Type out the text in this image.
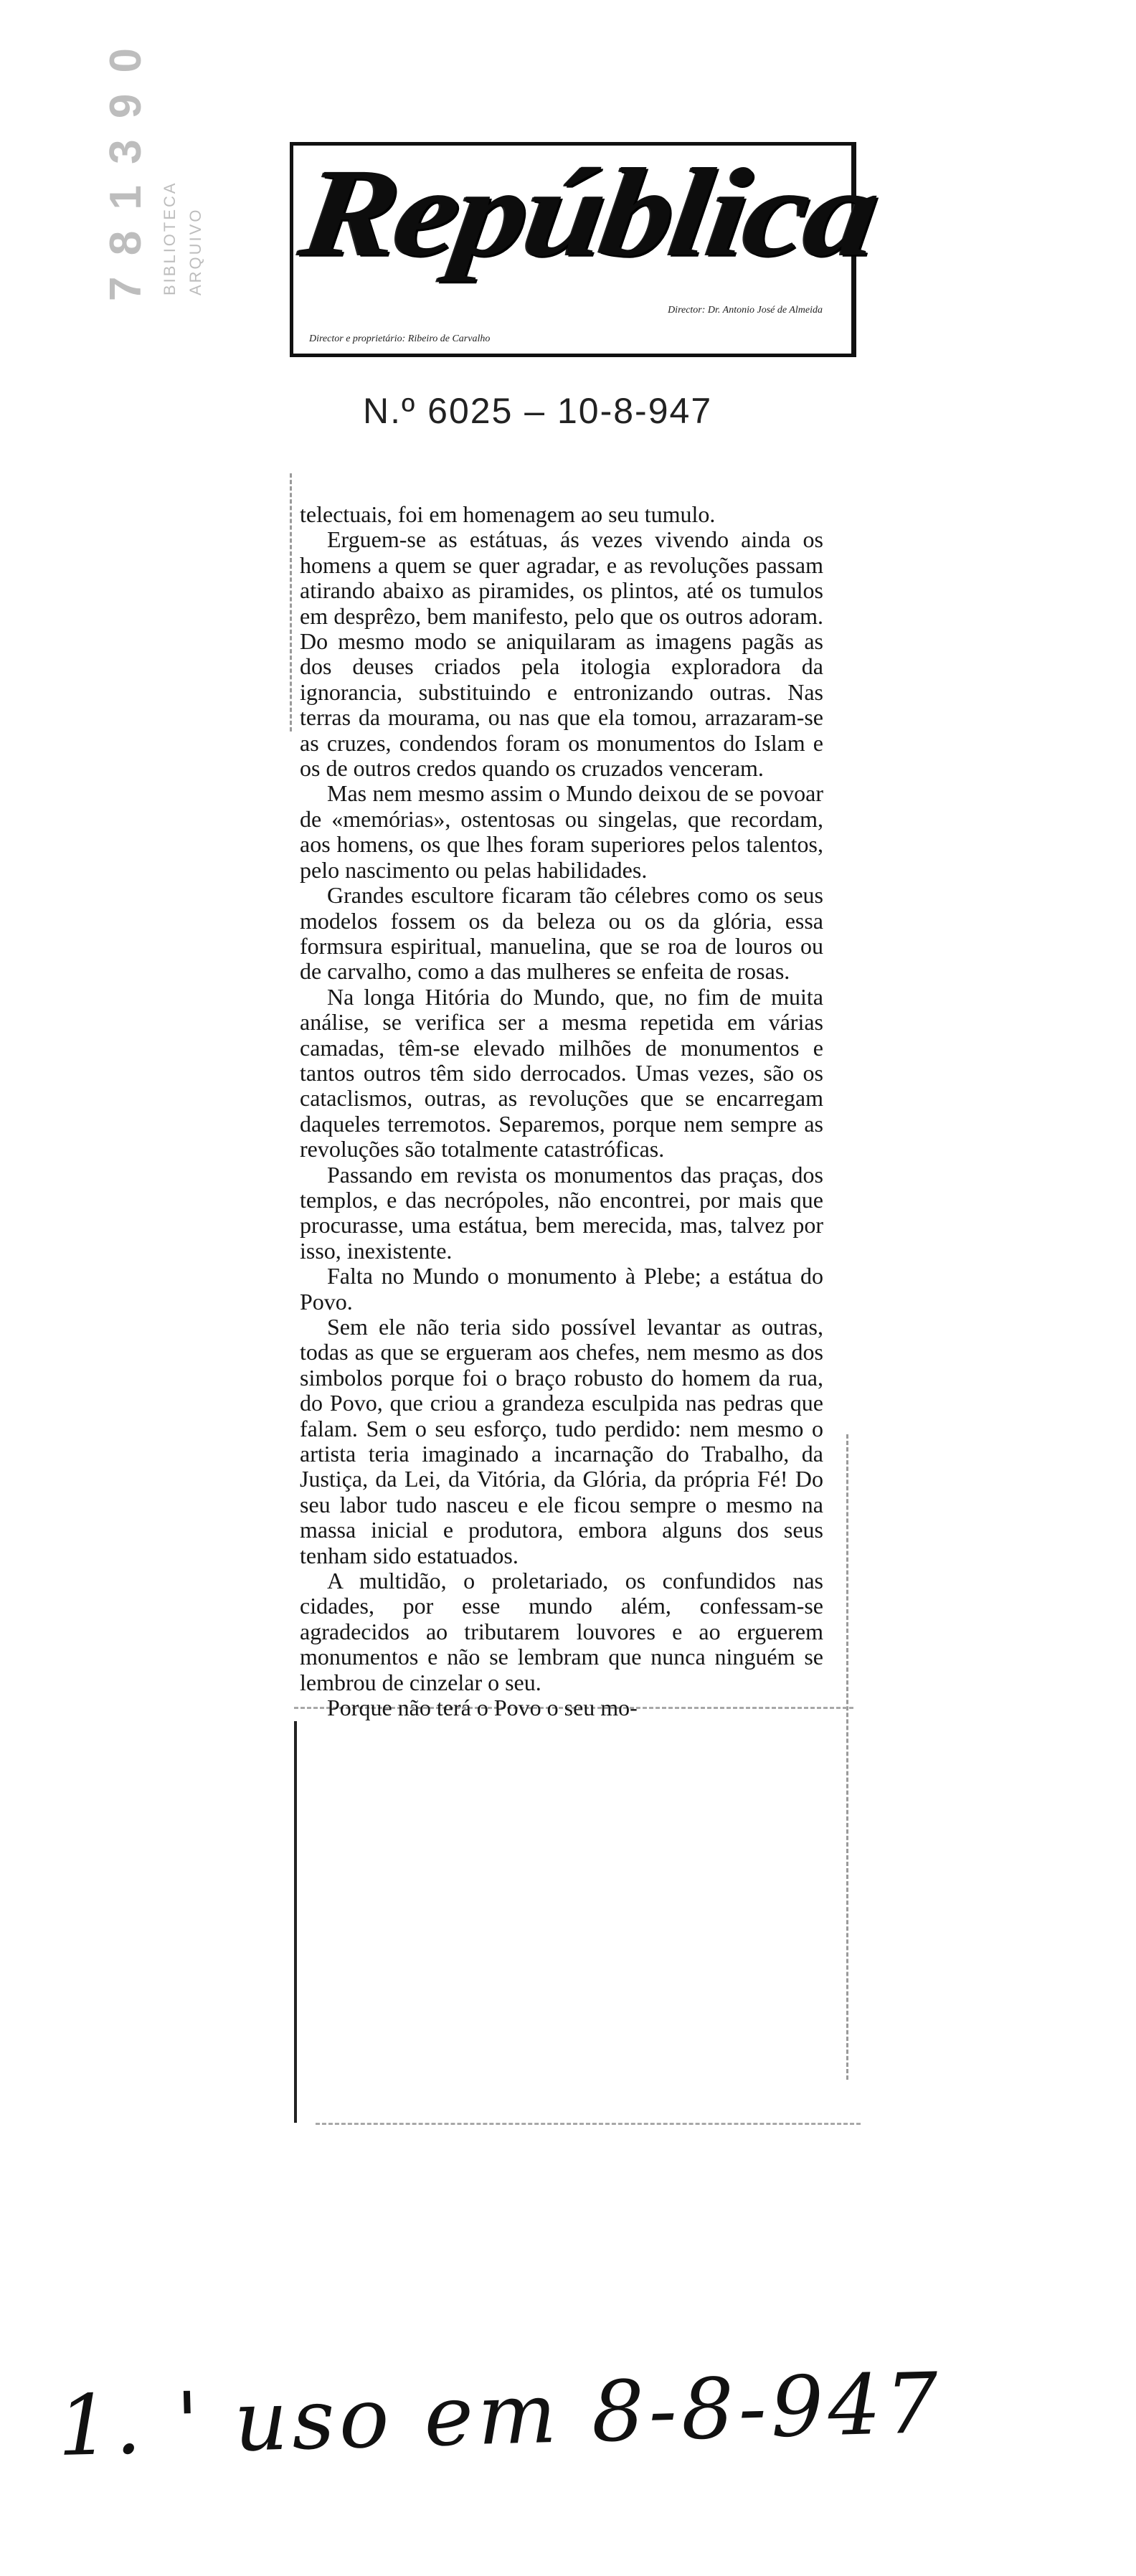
7 8 1 3 9 0 BIBLIOTECA ARQUIVO República
Director: Dr. Antonio José de Almeida
Director e proprietário: Ribeiro de Carvalho
N.º 6025 – 10-8-947

telectuais, foi em homenagem ao seu tumulo.

Erguem-se as estátuas, ás vezes vivendo ainda os homens a quem se quer agradar, e as revoluções passam atirando abaixo as piramides, os plintos, até os tumulos em desprêzo, bem manifesto, pelo que os outros adoram. Do mesmo modo se aniquilaram as imagens pagãs as dos deuses criados pela itologia exploradora da ignorancia, substituindo e entronizando outras. Nas terras da mourama, ou nas que ela tomou, arrazaram-se as cruzes, condendos foram os monumentos do Islam e os de outros credos quando os cruzados venceram.

Mas nem mesmo assim o Mundo deixou de se povoar de «memórias», ostentosas ou singelas, que recordam, aos homens, os que lhes foram superiores pelos talentos, pelo nascimento ou pelas habilidades.

Grandes escultore ficaram tão célebres como os seus modelos fossem os da beleza ou os da glória, essa formsura espiritual, manuelina, que se roa de louros ou de carvalho, como a das mulheres se enfeita de rosas.

Na longa Hitória do Mundo, que, no fim de muita análise, se verifica ser a mesma repetida em várias camadas, têm-se elevado milhões de monumentos e tantos outros têm sido derrocados. Umas vezes, são os cataclismos, outras, as revoluções que se encarregam daqueles terremotos. Separemos, porque nem sempre as revoluções são totalmente catastróficas.

Passando em revista os monumentos das praças, dos templos, e das necrópoles, não encontrei, por mais que procurasse, uma estátua, bem merecida, mas, talvez por isso, inexistente.

Falta no Mundo o monumento à Plebe; a estátua do Povo.

Sem ele não teria sido possível levantar as outras, todas as que se ergueram aos chefes, nem mesmo as dos simbolos porque foi o braço robusto do homem da rua, do Povo, que criou a grandeza esculpida nas pedras que falam. Sem o seu esforço, tudo perdido: nem mesmo o artista teria imaginado a incarnação do Trabalho, da Justiça, da Lei, da Vitória, da Glória, da própria Fé! Do seu labor tudo nasceu e ele ficou sempre o mesmo na massa inicial e produtora, embora alguns dos seus tenham sido estatuados.

A multidão, o proletariado, os confundidos nas cidades, por esse mundo além, confessam-se agradecidos ao tributarem louvores e ao erguerem monumentos e não se lembram que nunca ninguém se lembrou de cinzelar o seu.

Porque não terá o Povo o seu mo-

1. ' uso em 8-8-947
